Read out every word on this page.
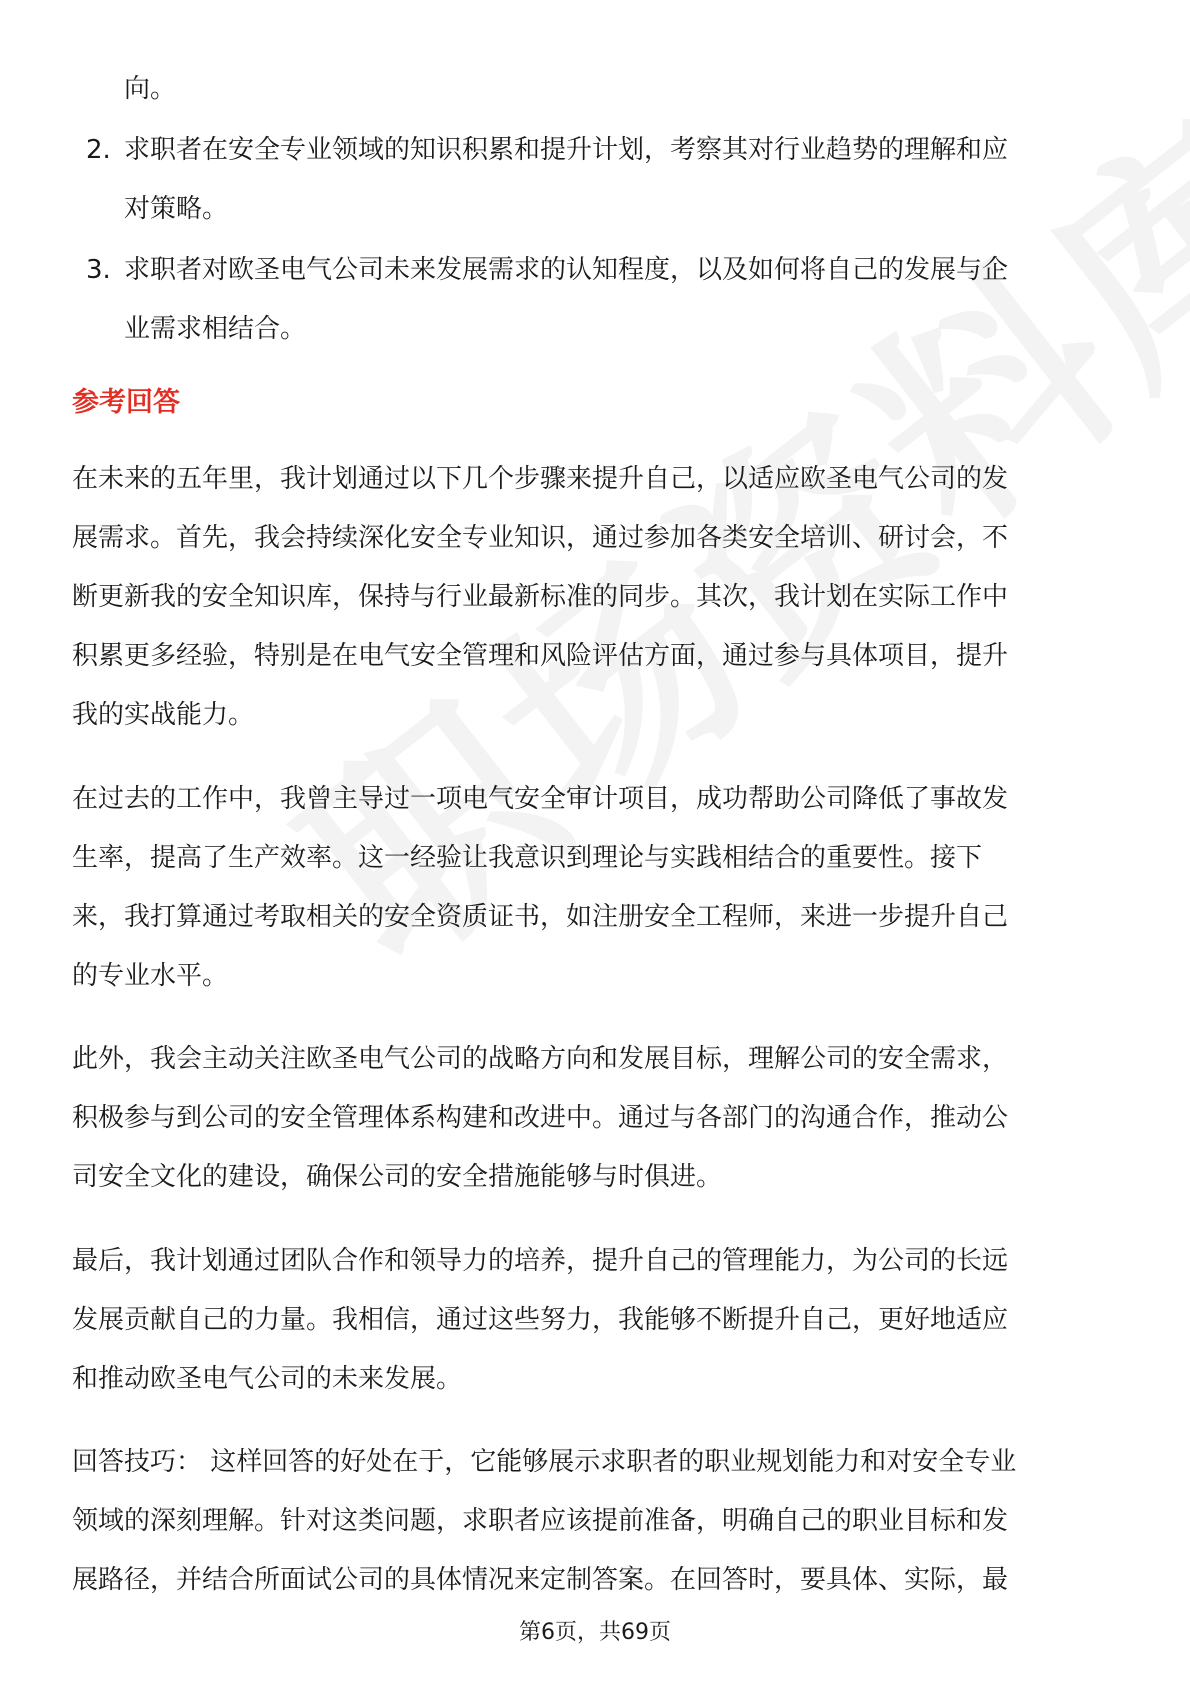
向。
2. 求职者在安全专业领域的知识积累和提升计划，考察其对行业趋势的理解和应
对策略。
3. 求职者对欧圣电气公司未来发展需求的认知程度，以及如何将自己的发展与企
业需求相结合。
参考回答
在未来的五年里，我计划通过以下几个步骤来提升自己，以适应欧圣电气公司的发
展需求。首先，我会持续深化安全专业知识，通过参加各类安全培训、研讨会，不
断更新我的安全知识库，保持与行业最新标准的同步。其次，我计划在实际工作中
积累更多经验，特别是在电气安全管理和风险评估方面，通过参与具体项目，提升
我的实战能力。
在过去的工作中，我曾主导过一项电气安全审计项目，成功帮助公司降低了事故发
生率，提高了生产效率。这一经验让我意识到理论与实践相结合的重要性。接下
来，我打算通过考取相关的安全资质证书，如注册安全工程师，来进一步提升自己
的专业水平。
此外，我会主动关注欧圣电气公司的战略方向和发展目标，理解公司的安全需求，
积极参与到公司的安全管理体系构建和改进中。通过与各部门的沟通合作，推动公
司安全文化的建设，确保公司的安全措施能够与时俱进。
最后，我计划通过团队合作和领导力的培养，提升自己的管理能力，为公司的长远
发展贡献自己的力量。我相信，通过这些努力，我能够不断提升自己，更好地适应
和推动欧圣电气公司的未来发展。
回答技巧： 这样回答的好处在于，它能够展示求职者的职业规划能力和对安全专业
领域的深刻理解。针对这类问题，求职者应该提前准备，明确自己的职业目标和发
展路径，并结合所面试公司的具体情况来定制答案。在回答时，要具体、实际，最
第6页，共69页
